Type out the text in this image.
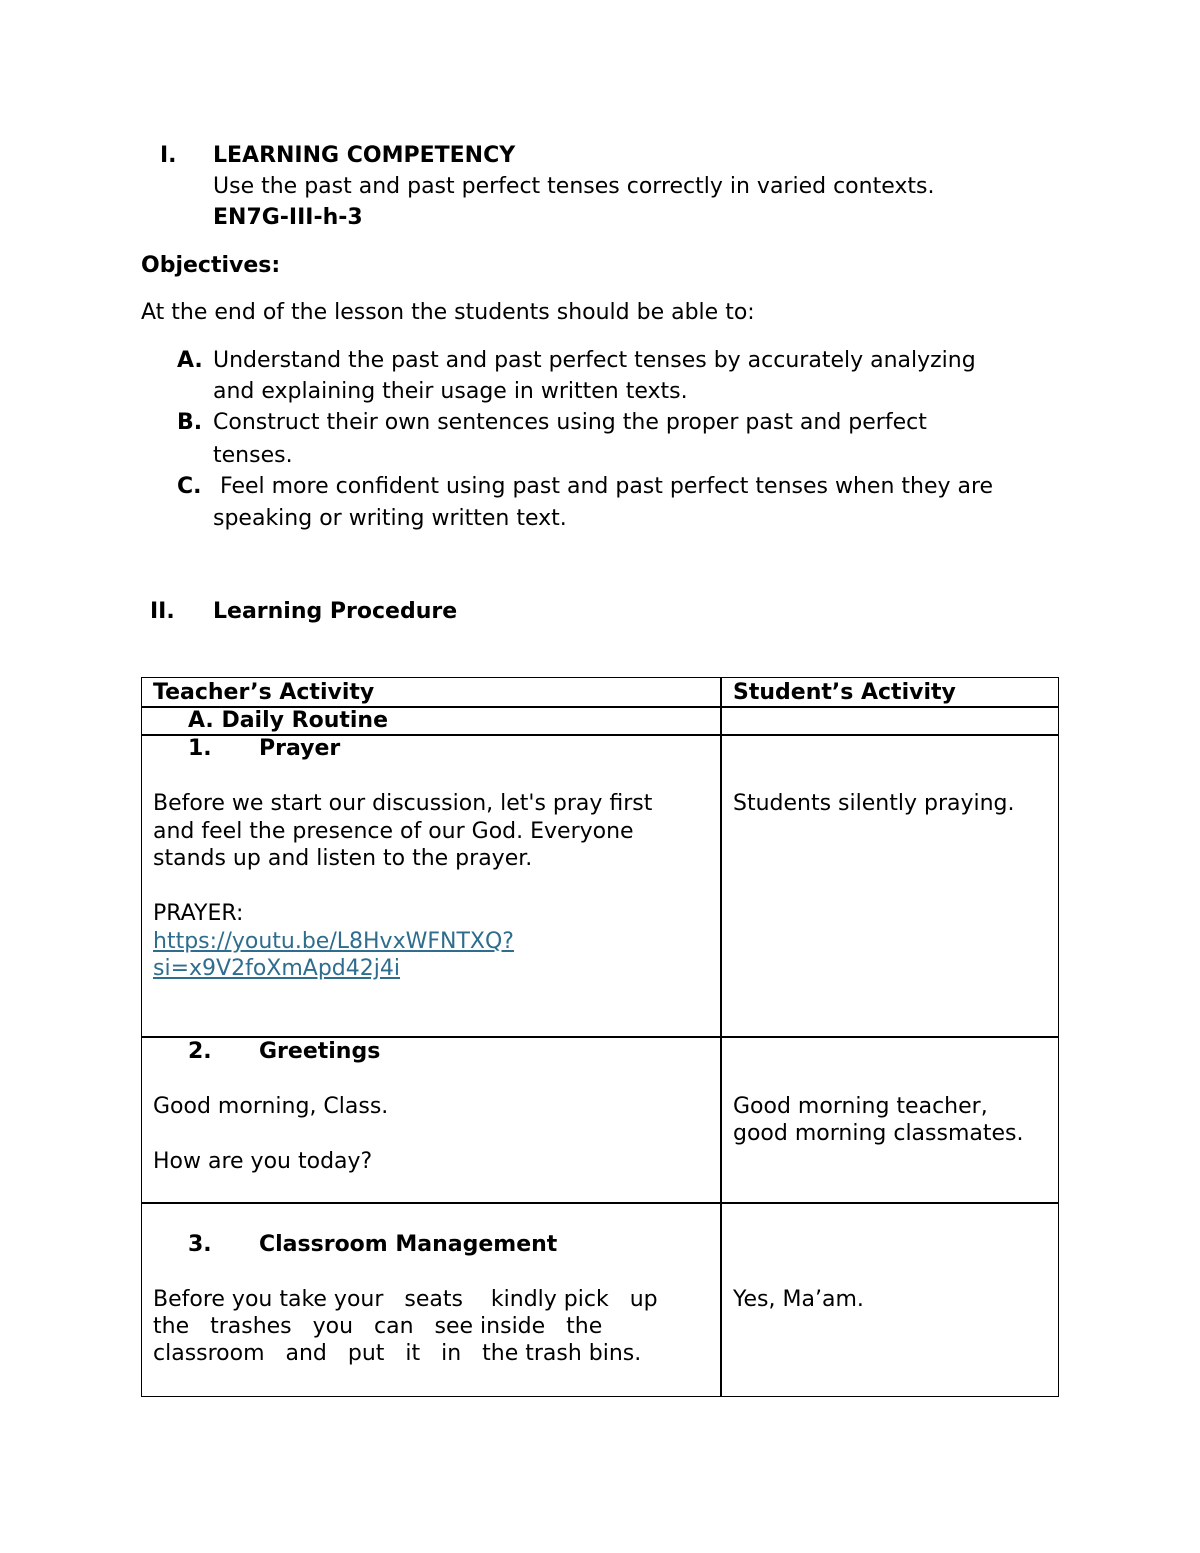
I. LEARNING COMPETENCY
Use the past and past perfect tenses correctly in varied contexts.
EN7G-III-h-3
Objectives:
At the end of the lesson the students should be able to:
A. Understand the past and past perfect tenses by accurately analyzing
and explaining their usage in written texts.
B. Construct their own sentences using the proper past and perfect
tenses.
C. Feel more confident using past and past perfect tenses when they are
speaking or writing written text.
II. Learning Procedure
Teacher’s Activity	Student’s Activity
A. Daily Routine
1. Prayer
Before we start our discussion, let's pray first
and feel the presence of our God. Everyone
stands up and listen to the prayer.
PRAYER:
https://youtu.be/L8HvxWFNTXQ?
si=x9V2foXmApd42j4i
Students silently praying.
2. Greetings
Good morning, Class.
How are you today?
Good morning teacher,
good morning classmates.
3. Classroom Management
Before you take your   seats    kindly pick   up
the   trashes   you   can   see inside   the
classroom   and   put   it   in   the trash bins.
Yes, Ma’am.
